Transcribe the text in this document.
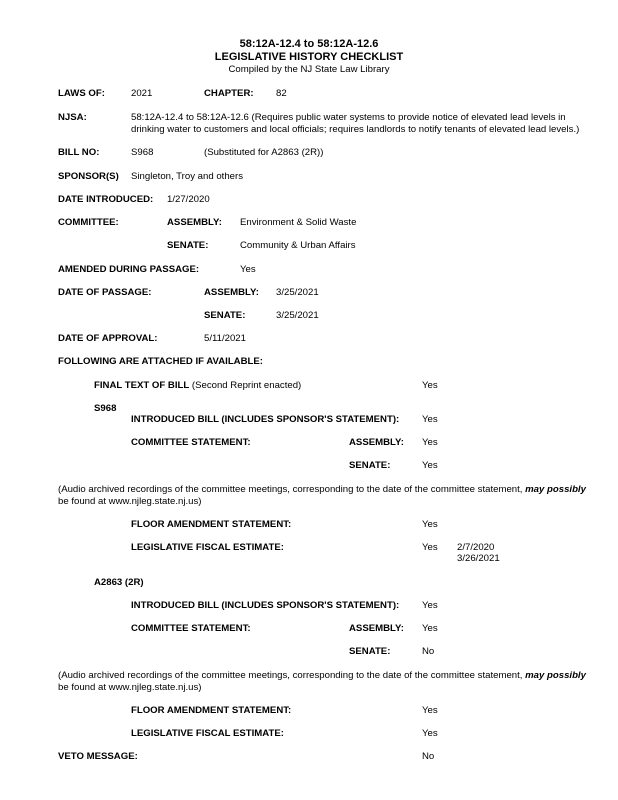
58:12A-12.4 to 58:12A-12.6
LEGISLATIVE HISTORY CHECKLIST
Compiled by the NJ State Law Library
LAWS OF:	2021	CHAPTER: 82
NJSA:	58:12A-12.4 to 58:12A-12.6 (Requires public water systems to provide notice of elevated lead levels in
drinking water to customers and local officials; requires landlords to notify tenants of elevated lead levels.)
BILL NO:	S968	(Substituted for A2863 (2R))
SPONSOR(S) Singleton, Troy and others
DATE INTRODUCED: 1/27/2020
COMMITTEE:	ASSEMBLY: Environment & Solid Waste
SENATE:	Community & Urban Affairs
AMENDED DURING PASSAGE:	Yes
DATE OF PASSAGE:	ASSEMBLY: 3/25/2021
SENATE:	3/25/2021
DATE OF APPROVAL:	5/11/2021
FOLLOWING ARE ATTACHED IF AVAILABLE:
FINAL TEXT OF BILL (Second Reprint enacted)	Yes
S968
INTRODUCED BILL (INCLUDES SPONSOR'S STATEMENT): Yes
COMMITTEE STATEMENT:	ASSEMBLY: Yes
SENATE:	Yes
(Audio archived recordings of the committee meetings, corresponding to the date of the committee statement, may possibly
be found at www.njleg.state.nj.us)
FLOOR AMENDMENT STATEMENT:	Yes
LEGISLATIVE FISCAL ESTIMATE:	Yes 2/7/2020
3/26/2021
A2863 (2R)
INTRODUCED BILL (INCLUDES SPONSOR'S STATEMENT): Yes
COMMITTEE STATEMENT:	ASSEMBLY: Yes
SENATE:	No
(Audio archived recordings of the committee meetings, corresponding to the date of the committee statement, may possibly
be found at www.njleg.state.nj.us)
FLOOR AMENDMENT STATEMENT:	Yes
LEGISLATIVE FISCAL ESTIMATE:	Yes
VETO MESSAGE:	No
